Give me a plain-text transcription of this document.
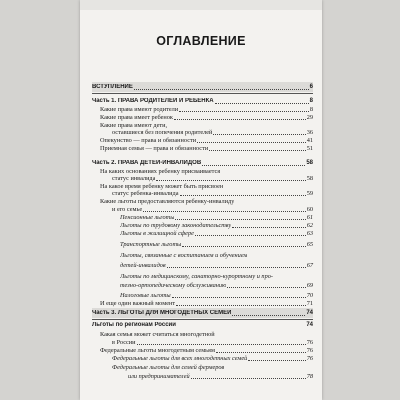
ОГЛАВЛЕНИЕ
ВСТУПЛЕНИЕ	6
Часть 1. ПРАВА РОДИТЕЛЕЙ И РЕБЕНКА	8
Какие права имеют родители	8
Какие права имеет ребенок	29
Какие права имеют дети,
оставшиеся без попечения родителей	36
Опекунство — права и обязанности	41
Приемная семья — права и обязанности	51
Часть 2. ПРАВА ДЕТЕЙ-ИНВАЛИДОВ	58
На каких основаниях ребенку присваивается
статус инвалида	58
На какое время ребенку может быть присвоен
статус ребенка-инвалида	59
Какие льготы предоставляются ребенку-инвалиду
и его семье	60
Пенсионные льготы	61
Льготы по трудовому законодательству	62
Льготы в жилищной сфере	63
Транспортные льготы	65
Льготы, связанные с воспитанием и обучением
детей-инвалидов	67
Льготы по медицинскому, санаторно-курортному и про-
тезно-ортопедическому обслуживанию	69
Налоговые льготы	70
И еще один важный момент	71
Часть 3. ЛЬГОТЫ ДЛЯ МНОГОДЕТНЫХ СЕМЕЙ	74
Льготы по регионам России	74
Какая семья может считаться многодетной
в России	76
Федеральные льготы многодетным семьям	76
Федеральные льготы для всех многодетных семей	76
Федеральные льготы для семей фермеров
или предпринимателей	78
